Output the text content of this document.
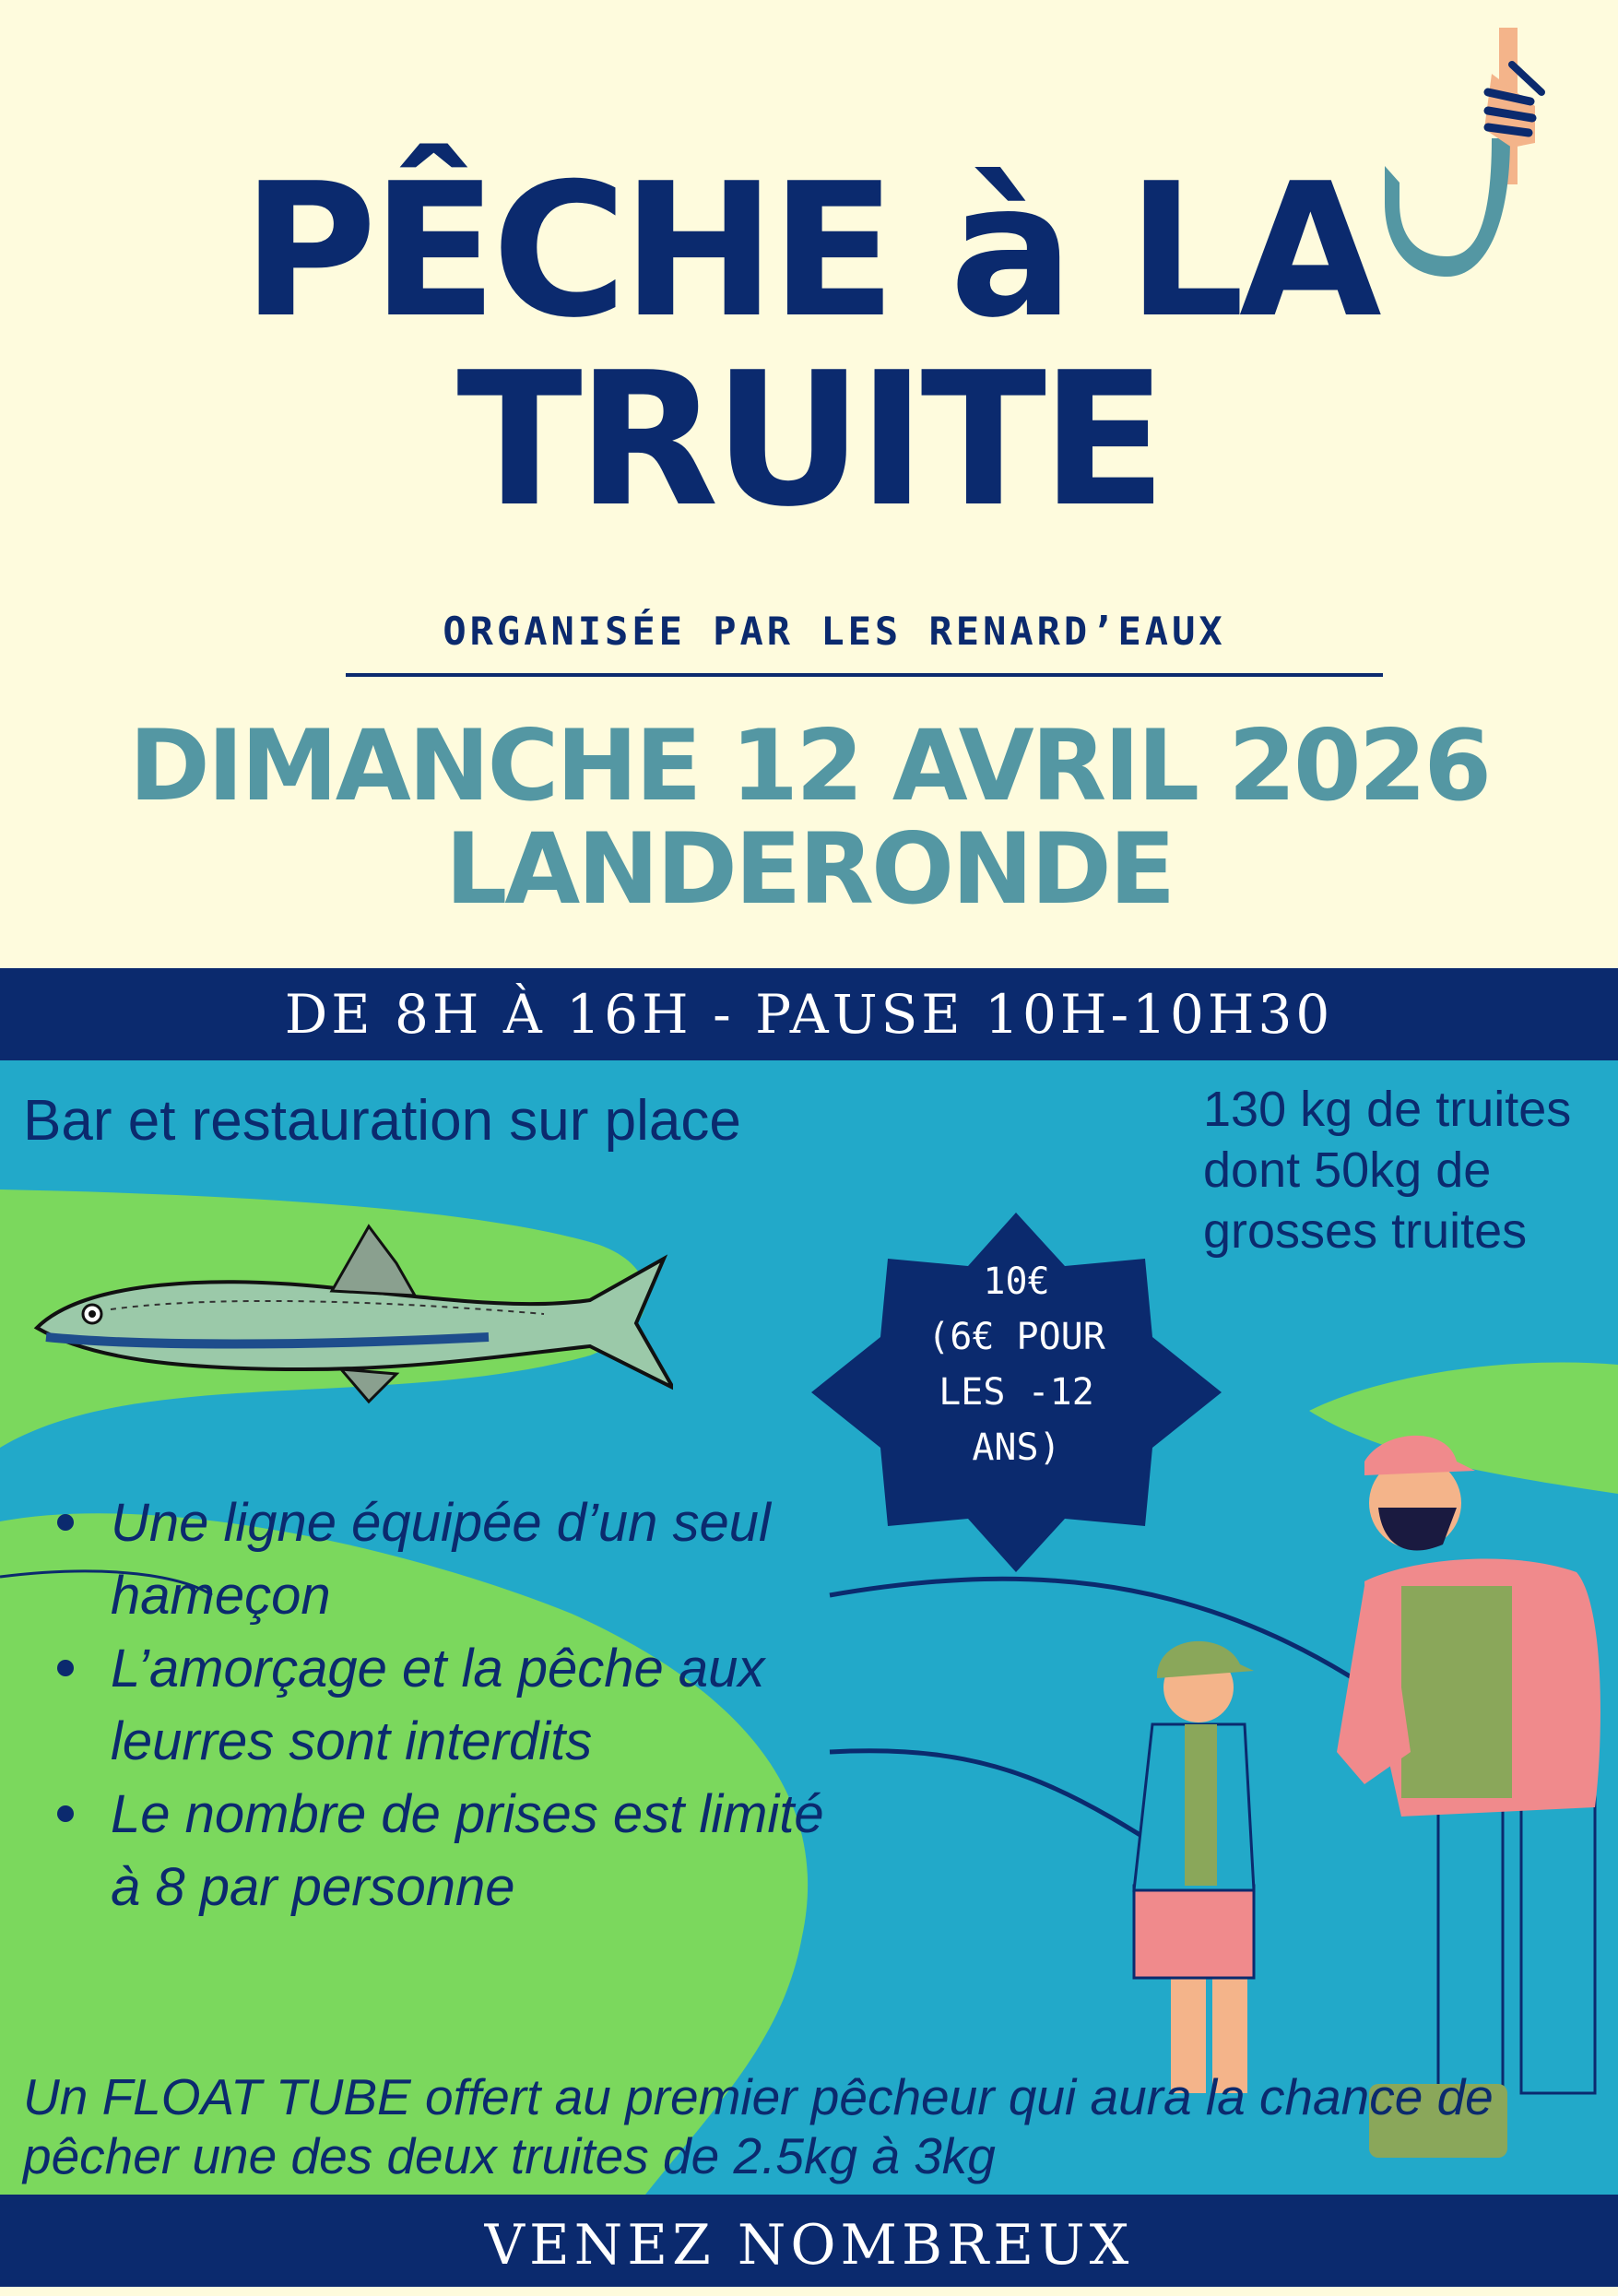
PÊCHE à LA
TRUITE
ORGANISÉE PAR LES RENARD’EAUX
DIMANCHE 12 AVRIL 2026
LANDERONDE
DE 8H À 16H - PAUSE 10H-10H30
Bar et restauration sur place	130 kg de truites
dont 50kg de
grosses truites
10€
(6€ POUR
LES -12
ANS)
Une ligne équipée d’un seul hameçon
L’amorçage et la pêche aux leurres sont interdits
Le nombre de prises est limité à 8 par personne
Un FLOAT TUBE offert au premier pêcheur qui aura la chance de pêcher une des deux truites de 2.5kg à 3kg
VENEZ NOMBREUX
